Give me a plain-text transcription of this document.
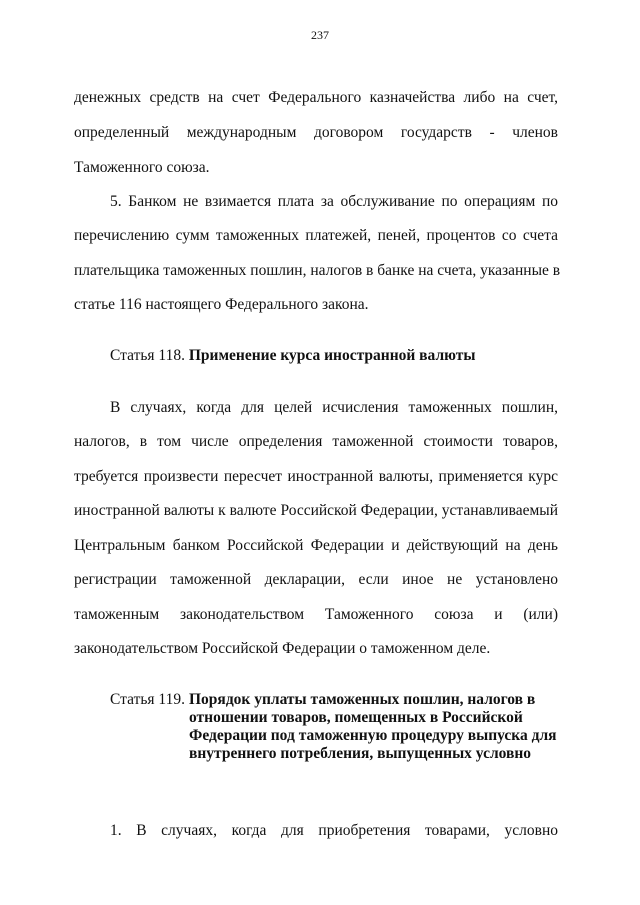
237
денежных средств на счет Федерального казначейства либо на счет,
определенный международным договором государств - членов
Таможенного союза.
5. Банком не взимается плата за обслуживание по операциям по
перечислению сумм таможенных платежей, пеней, процентов со счета
плательщика таможенных пошлин, налогов в банке на счета, указанные в
статье 116 настоящего Федерального закона.
Статья 118. Применение курса иностранной валюты
В случаях, когда для целей исчисления таможенных пошлин,
налогов, в том числе определения таможенной стоимости товаров,
требуется произвести пересчет иностранной валюты, применяется курс
иностранной валюты к валюте Российской Федерации, устанавливаемый
Центральным банком Российской Федерации и действующий на день
регистрации таможенной декларации, если иное не установлено
таможенным законодательством Таможенного союза и (или)
законодательством Российской Федерации о таможенном деле.
Статья 119. Порядок уплаты таможенных пошлин, налогов в
отношении товаров, помещенных в Российской
Федерации под таможенную процедуру выпуска для
внутреннего потребления, выпущенных условно
1. В случаях, когда для приобретения товарами, условно
